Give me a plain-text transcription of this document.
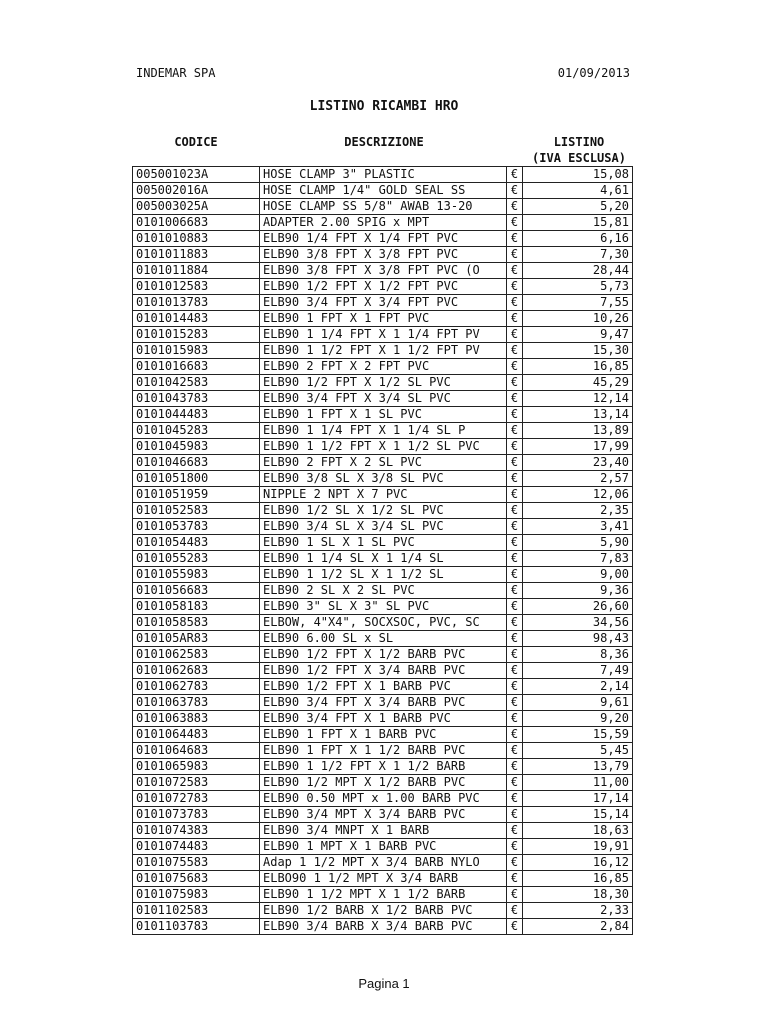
INDEMAR SPA	01/09/2013
LISTINO RICAMBI HRO
CODICE	DESCRIZIONE	LISTINO
(IVA ESCLUSA)
005001023A	HOSE CLAMP 3" PLASTIC	€	15,08
005002016A	HOSE CLAMP 1/4" GOLD SEAL SS	€	4,61
005003025A	HOSE CLAMP SS 5/8" AWAB 13-20	€	5,20
0101006683	ADAPTER 2.00 SPIG x MPT	€	15,81
0101010883	ELB90 1/4 FPT X 1/4 FPT PVC	€	6,16
0101011883	ELB90 3/8 FPT X 3/8 FPT PVC	€	7,30
0101011884	ELB90 3/8 FPT X 3/8 FPT PVC (O	€	28,44
0101012583	ELB90 1/2 FPT X 1/2 FPT PVC	€	5,73
0101013783	ELB90 3/4 FPT X 3/4 FPT PVC	€	7,55
0101014483	ELB90 1 FPT X 1 FPT PVC	€	10,26
0101015283	ELB90 1 1/4 FPT X 1 1/4 FPT PV	€	9,47
0101015983	ELB90 1 1/2 FPT X 1 1/2 FPT PV	€	15,30
0101016683	ELB90 2 FPT X 2 FPT PVC	€	16,85
0101042583	ELB90 1/2 FPT X 1/2 SL PVC	€	45,29
0101043783	ELB90 3/4 FPT X 3/4 SL PVC	€	12,14
0101044483	ELB90 1 FPT X 1 SL PVC	€	13,14
0101045283	ELB90 1 1/4 FPT X 1 1/4 SL P	€	13,89
0101045983	ELB90 1 1/2 FPT X 1 1/2 SL PVC	€	17,99
0101046683	ELB90 2 FPT X 2 SL PVC	€	23,40
0101051800	ELB90 3/8 SL X 3/8 SL PVC	€	2,57
0101051959	NIPPLE 2 NPT X 7 PVC	€	12,06
0101052583	ELB90 1/2 SL X 1/2 SL PVC	€	2,35
0101053783	ELB90 3/4 SL X 3/4 SL PVC	€	3,41
0101054483	ELB90 1 SL X 1 SL PVC	€	5,90
0101055283	ELB90 1 1/4 SL X 1 1/4 SL	€	7,83
0101055983	ELB90 1 1/2 SL X 1 1/2 SL	€	9,00
0101056683	ELB90 2 SL X 2 SL PVC	€	9,36
0101058183	ELB90 3" SL X 3" SL PVC	€	26,60
0101058583	ELBOW, 4"X4", SOCXSOC, PVC, SC	€	34,56
010105AR83	ELB90 6.00 SL x SL	€	98,43
0101062583	ELB90 1/2 FPT X 1/2 BARB PVC	€	8,36
0101062683	ELB90 1/2 FPT X 3/4 BARB PVC	€	7,49
0101062783	ELB90 1/2 FPT X 1 BARB PVC	€	2,14
0101063783	ELB90 3/4 FPT X 3/4 BARB PVC	€	9,61
0101063883	ELB90 3/4 FPT X 1 BARB PVC	€	9,20
0101064483	ELB90 1 FPT X 1 BARB PVC	€	15,59
0101064683	ELB90 1 FPT X 1 1/2 BARB PVC	€	5,45
0101065983	ELB90 1 1/2 FPT X 1 1/2 BARB	€	13,79
0101072583	ELB90 1/2 MPT X 1/2 BARB PVC	€	11,00
0101072783	ELB90 0.50 MPT x 1.00 BARB PVC	€	17,14
0101073783	ELB90 3/4 MPT X 3/4 BARB PVC	€	15,14
0101074383	ELB90 3/4 MNPT X 1 BARB	€	18,63
0101074483	ELB90 1 MPT X 1 BARB PVC	€	19,91
0101075583	Adap 1 1/2 MPT X 3/4 BARB NYLO	€	16,12
0101075683	ELBO90 1 1/2 MPT X 3/4 BARB	€	16,85
0101075983	ELB90 1 1/2 MPT X 1 1/2 BARB	€	18,30
0101102583	ELB90 1/2 BARB X 1/2 BARB PVC	€	2,33
0101103783	ELB90 3/4 BARB X 3/4 BARB PVC	€	2,84
Pagina 1
